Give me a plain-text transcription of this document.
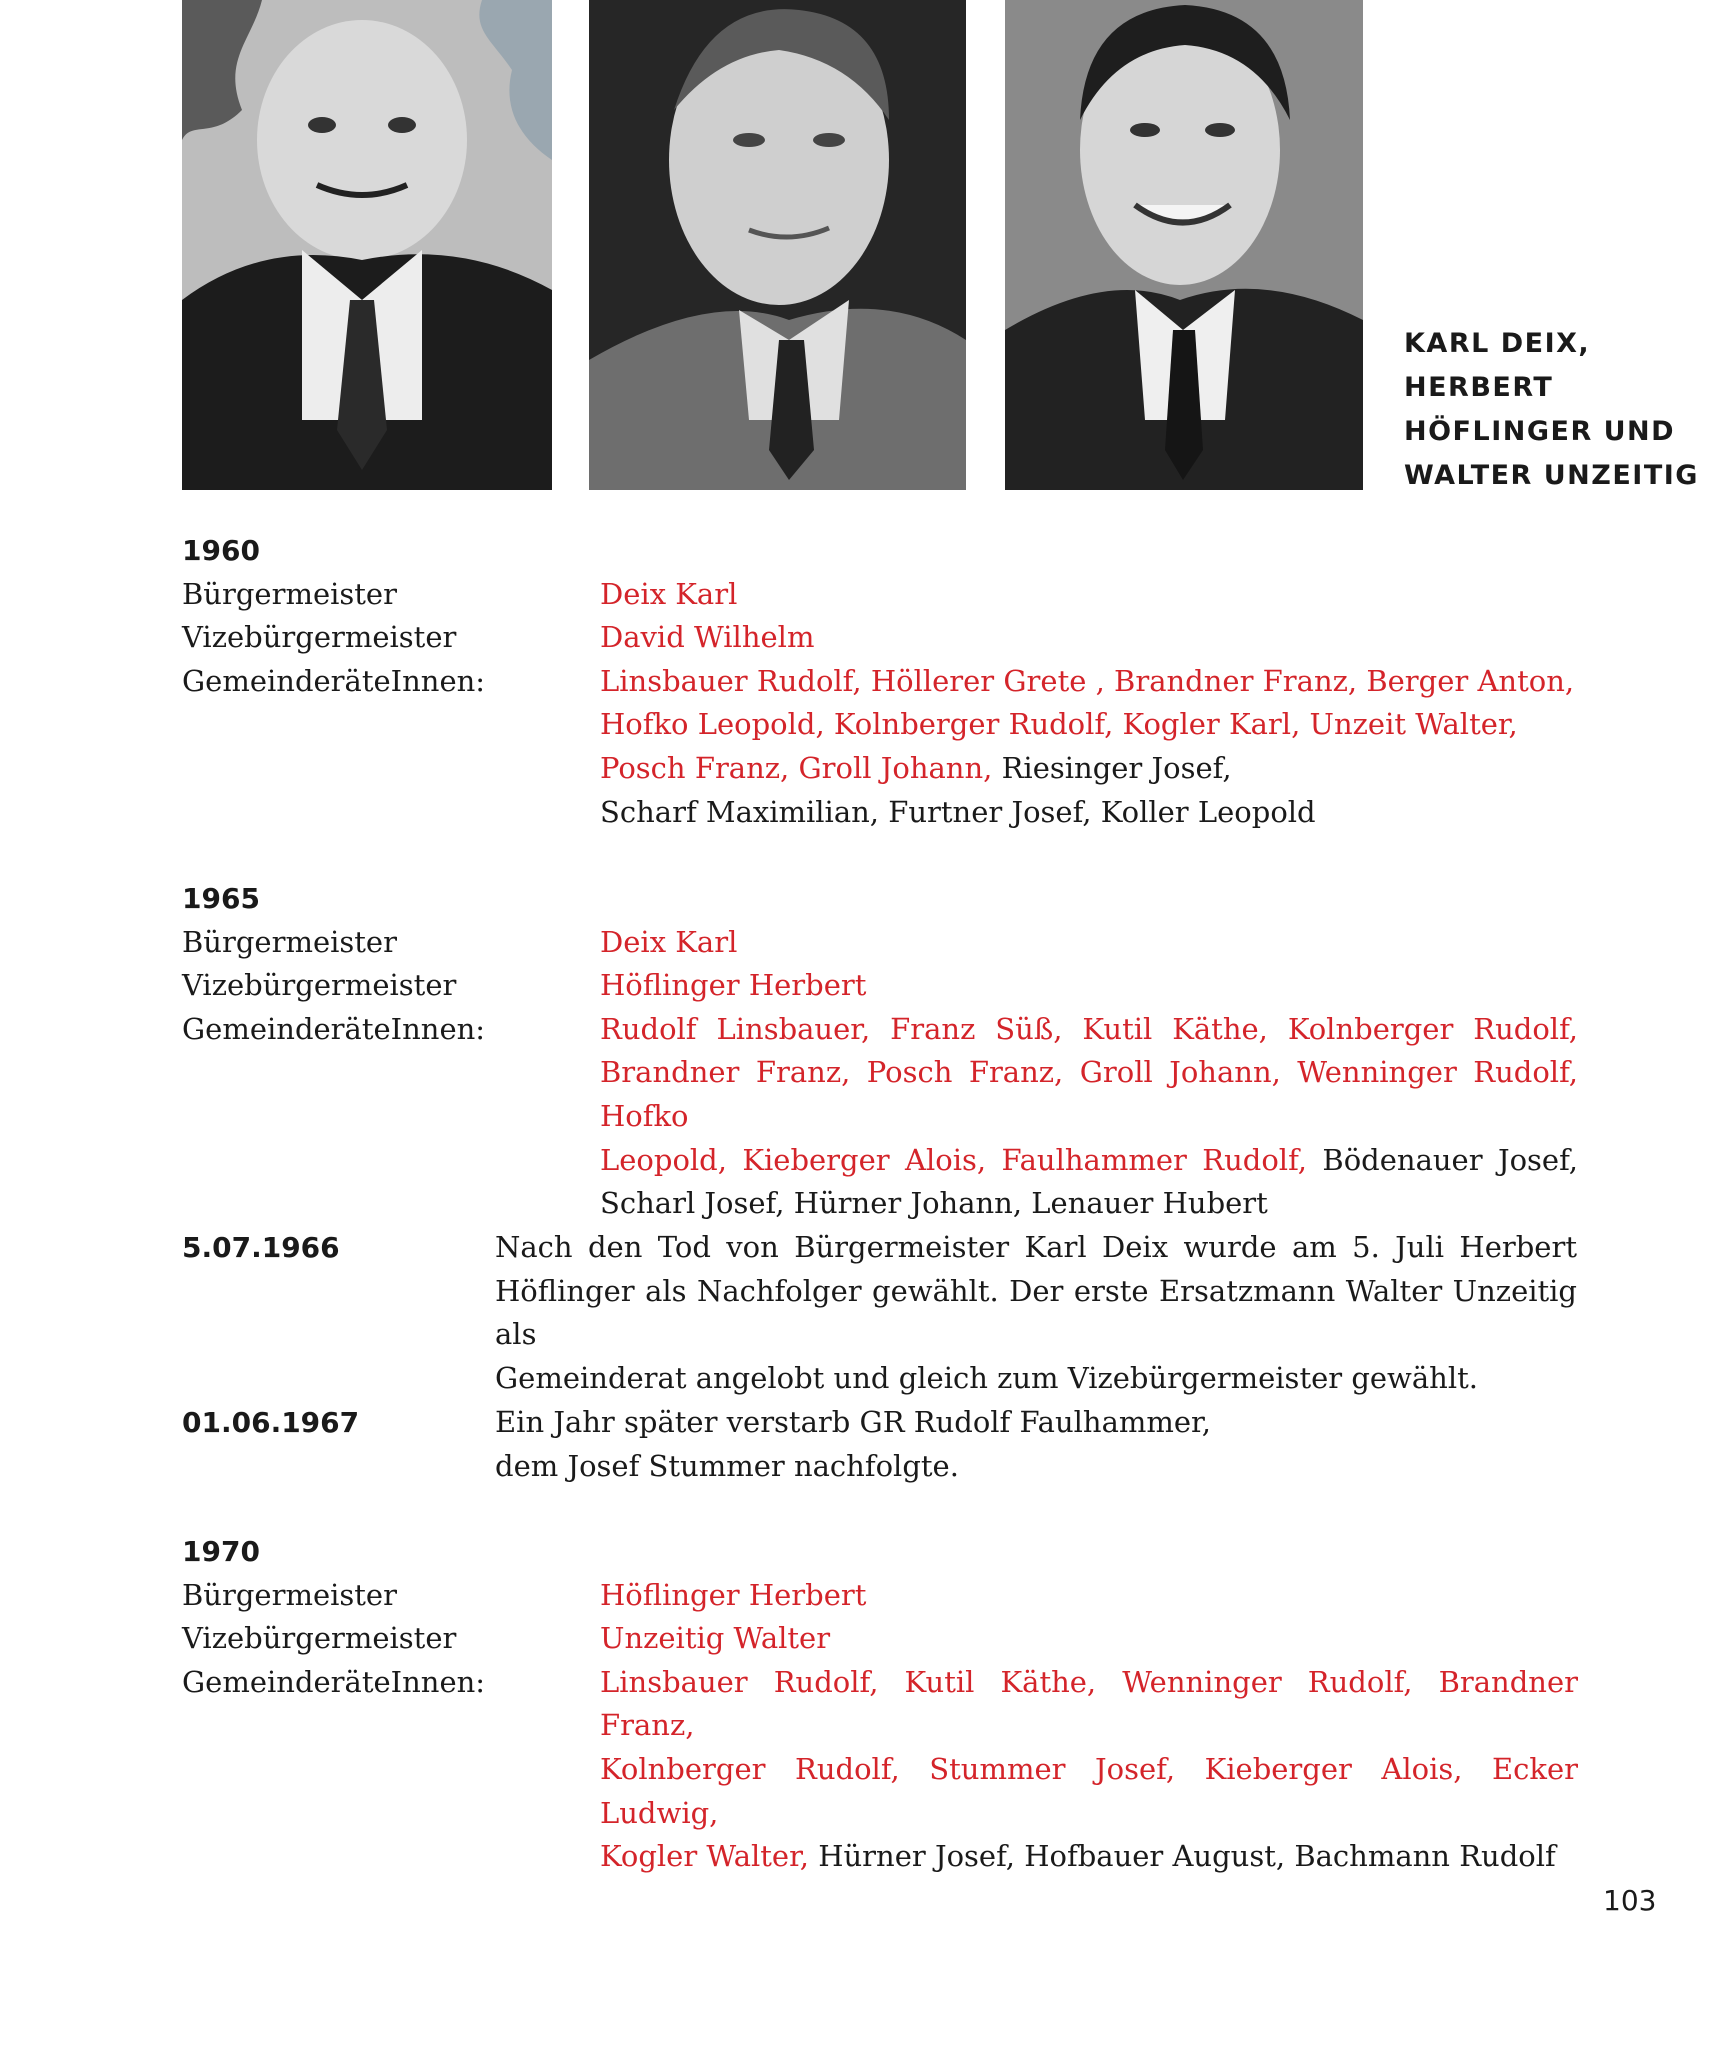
KARL DEIX,
HERBERT
HÖFLINGER UND
WALTER UNZEITIG
1960
Bürgermeister	Deix Karl
Vizebürgermeister	David Wilhelm
GemeinderäteInnen:	Linsbauer Rudolf, Höllerer Grete , Brandner Franz, Berger Anton,
Hofko Leopold, Kolnberger Rudolf, Kogler Karl, Unzeit Walter,
Posch Franz, Groll Johann, Riesinger Josef,
Scharf Maximilian, Furtner Josef, Koller Leopold
1965
Bürgermeister	Deix Karl
Vizebürgermeister	Höflinger Herbert
GemeinderäteInnen:	Rudolf Linsbauer, Franz Süß, Kutil Käthe, Kolnberger Rudolf,
Brandner Franz, Posch Franz, Groll Johann, Wenninger Rudolf, Hofko
Leopold, Kieberger Alois, Faulhammer Rudolf, Bödenauer Josef,
Scharl Josef, Hürner Johann, Lenauer Hubert
5.07.1966	Nach den Tod von Bürgermeister Karl Deix wurde am 5. Juli Herbert
Höflinger als Nachfolger gewählt. Der erste Ersatzmann Walter Unzeitig als
Gemeinderat angelobt und gleich zum Vizebürgermeister gewählt.
01.06.1967	Ein Jahr später verstarb GR Rudolf Faulhammer,
dem Josef Stummer nachfolgte.
1970
Bürgermeister	Höflinger Herbert
Vizebürgermeister	Unzeitig Walter
GemeinderäteInnen:	Linsbauer Rudolf, Kutil Käthe, Wenninger Rudolf, Brandner Franz,
Kolnberger Rudolf, Stummer Josef, Kieberger Alois, Ecker Ludwig,
Kogler Walter, Hürner Josef, Hofbauer August, Bachmann Rudolf
103
